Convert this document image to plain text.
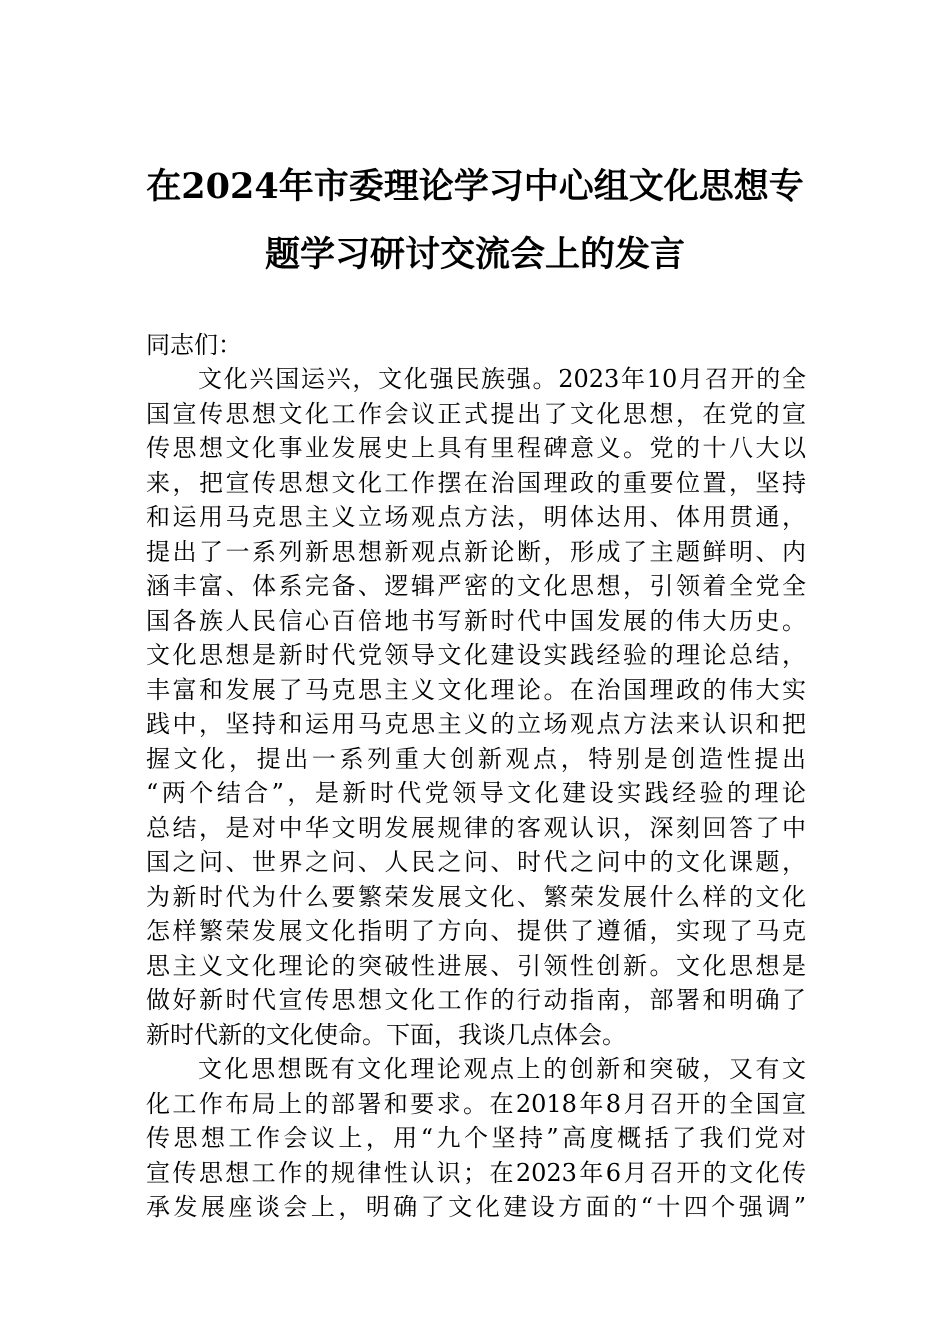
在2024年市委理论学习中心组文化思想专
题学习研讨交流会上的发言
同志们：
文化兴国运兴，文化强民族强。2023年10月召开的全
国宣传思想文化工作会议正式提出了文化思想，在党的宣
传思想文化事业发展史上具有里程碑意义。党的十八大以
来，把宣传思想文化工作摆在治国理政的重要位置，坚持
和运用马克思主义立场观点方法，明体达用、体用贯通，
提出了一系列新思想新观点新论断，形成了主题鲜明、内
涵丰富、体系完备、逻辑严密的文化思想，引领着全党全
国各族人民信心百倍地书写新时代中国发展的伟大历史。
文化思想是新时代党领导文化建设实践经验的理论总结，
丰富和发展了马克思主义文化理论。在治国理政的伟大实
践中，坚持和运用马克思主义的立场观点方法来认识和把
握文化，提出一系列重大创新观点，特别是创造性提出
“两个结合”，是新时代党领导文化建设实践经验的理论
总结，是对中华文明发展规律的客观认识，深刻回答了中
国之问、世界之问、人民之问、时代之问中的文化课题，
为新时代为什么要繁荣发展文化、繁荣发展什么样的文化
怎样繁荣发展文化指明了方向、提供了遵循，实现了马克
思主义文化理论的突破性进展、引领性创新。文化思想是
做好新时代宣传思想文化工作的行动指南，部署和明确了
新时代新的文化使命。下面，我谈几点体会。
文化思想既有文化理论观点上的创新和突破，又有文
化工作布局上的部署和要求。在2018年8月召开的全国宣
传思想工作会议上，用“九个坚持”高度概括了我们党对
宣传思想工作的规律性认识；在2023年6月召开的文化传
承发展座谈会上，明确了文化建设方面的“十四个强调”
